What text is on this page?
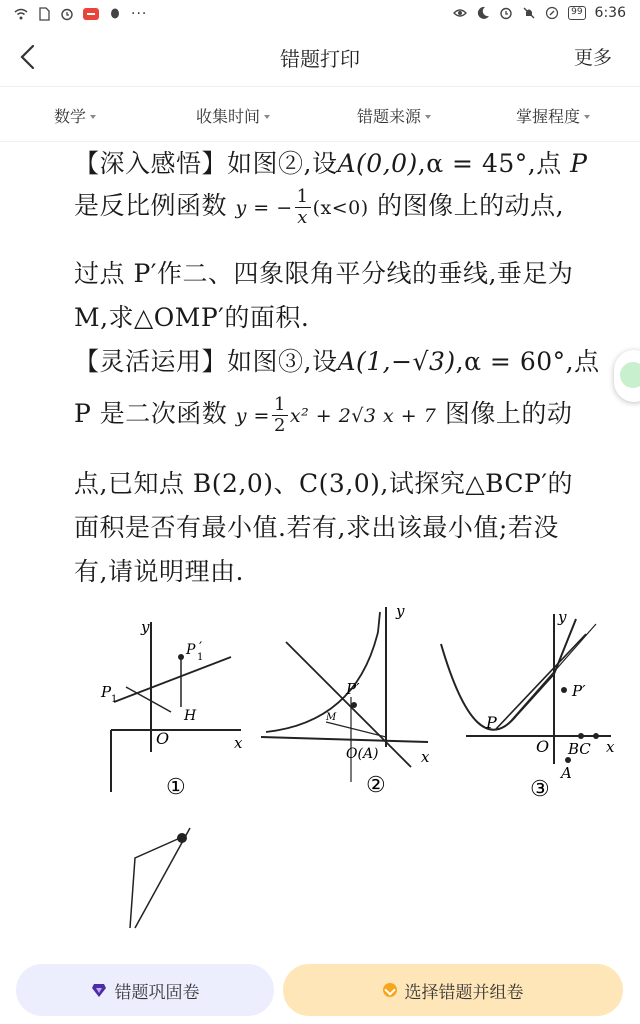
···	99 6:36
错题打印	更多
数学	收集时间	错题来源	掌握程度
【深入感悟】如图②,设A(0,0),α = 45°,点 P
是反比例函数 y = − $\frac{1}{x} (x<0)$ 的图像上的动点,
过点 P′作二、四象限角平分线的垂线,垂足为
M,求△OMP′的面积.
【灵活运用】如图③,设A(1,−√3),α = 60°,点
P 是二次函数 $y = \frac{1}{2} x^2 + 2√3$ x + 7 图像上的动
点,已知点 B(2,0)、C(3,0),试探究△BCP′的
面积是否有最小值.若有,求出该最小值;若没
有,请说明理由.
O
y
x
P 1
P 1
′
H
①
y
x
P′
O(A)
M
②
y
x
O
P
P′
BC
A
③
错题巩固卷	选择错题并组卷
